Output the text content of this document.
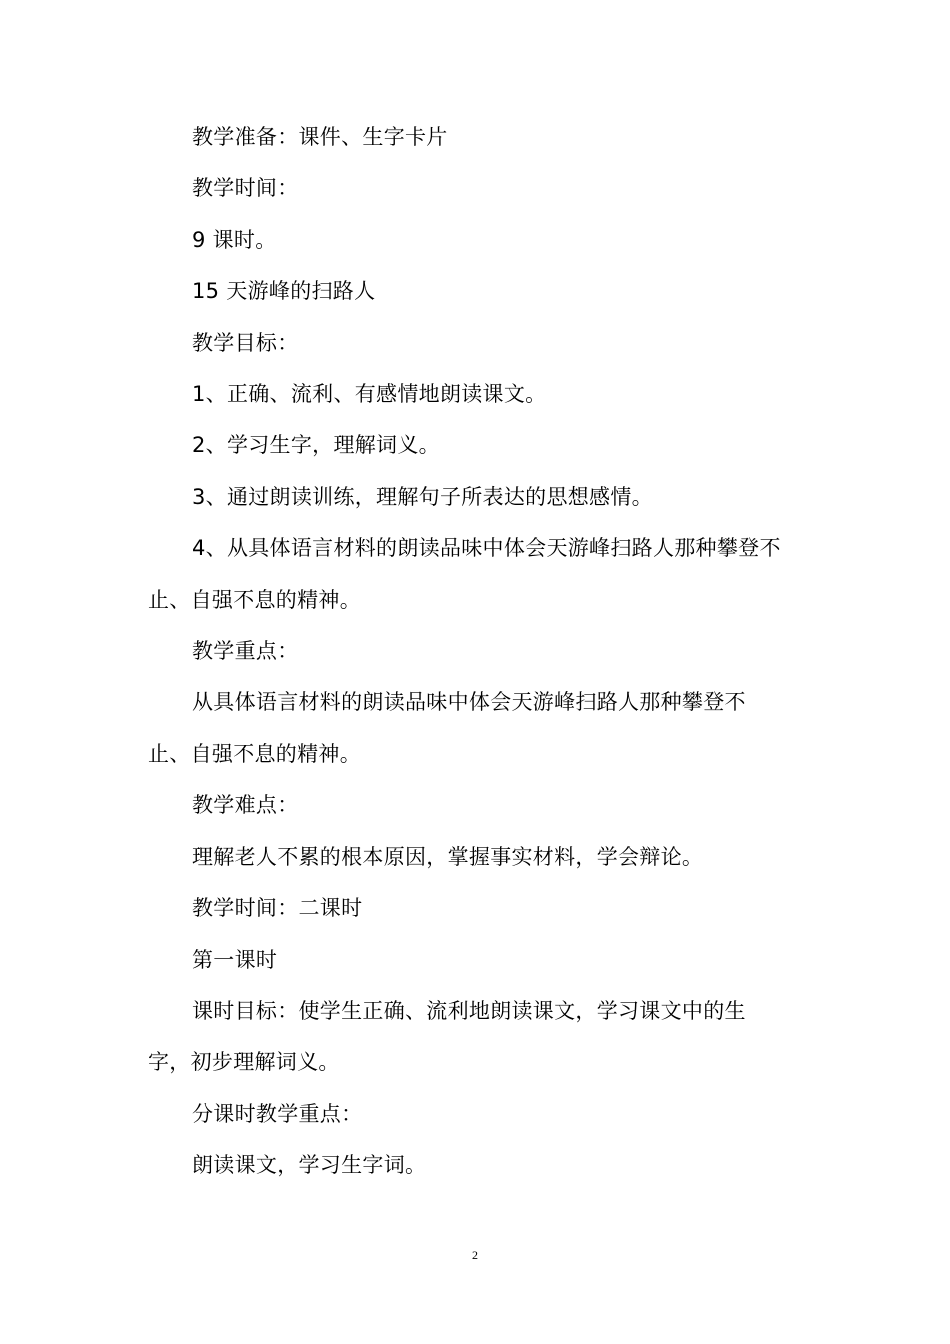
教学准备：课件、生字卡片

教学时间：

9 课时。

15 天游峰的扫路人

教学目标：

1、正确、流利、有感情地朗读课文。

2、学习生字，理解词义。

3、通过朗读训练，理解句子所表达的思想感情。

4、从具体语言材料的朗读品味中体会天游峰扫路人那种攀登不止、自强不息的精神。

教学重点：

从具体语言材料的朗读品味中体会天游峰扫路人那种攀登不止、自强不息的精神。

教学难点：

理解老人不累的根本原因，掌握事实材料，学会辩论。

教学时间：二课时

第一课时

课时目标：使学生正确、流利地朗读课文，学习课文中的生字，初步理解词义。

分课时教学重点：

朗读课文，学习生字词。

2
